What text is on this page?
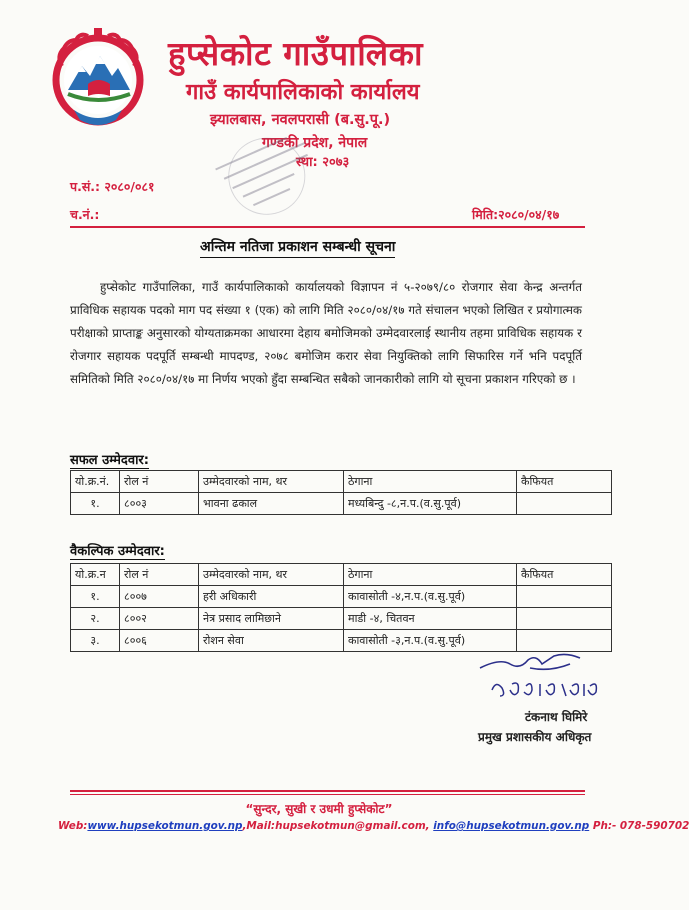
हुप्सेकोट गाउँपालिका
गाउँ कार्यपालिकाको कार्यालय
झ्यालबास, नवलपरासी (ब.सु.पू.)
गण्डकी प्रदेश, नेपाल
स्था: २०७३
प.सं.: २०८०/०८१
च.नं.:	मिति:२०८०/०४/१७
अन्तिम नतिजा प्रकाशन सम्बन्धी सूचना
हुप्सेकोट गाउँपालिका, गाउँ कार्यपालिकाको कार्यालयको विज्ञापन नं ५-२०७९/८० रोजगार सेवा केन्द्र अन्तर्गत प्राविधिक सहायक पदको माग पद संख्या १ (एक) को लागि मिति २०८०/०४/१७ गते संचालन भएको लिखित र प्रयोगात्मक परीक्षाको प्राप्ताङ्क अनुसारको योग्यताक्रमका आधारमा देहाय बमोजिमको उम्मेदवारलाई स्थानीय तहमा प्राविधिक सहायक र रोजगार सहायक पदपूर्ति सम्बन्धी मापदण्ड, २०७८ बमोजिम करार सेवा नियुक्तिको लागि सिफारिस गर्ने भनि पदपूर्ति समितिको मिति २०८०/०४/१७ मा निर्णय भएको हुँदा सम्बन्धित सबैको जानकारीको लागि यो सूचना प्रकाशन गरिएको छ ।
सफल उम्मेदवार:
यो.क्र.नं.	रोल नं	उम्मेदवारको नाम, थर	ठेगाना	कैफियत
१.	८००३	भावना ढकाल	मध्यबिन्दु -८,न.प.(व.सु.पूर्व)	
वैकल्पिक उम्मेदवार:
यो.क्र.न	रोल नं	उम्मेदवारको नाम, थर	ठेगाना	कैफियत
१.	८००७	हरी अधिकारी	कावासोती -४,न.प.(व.सु.पूर्व)	
२.	८००२	नेत्र प्रसाद लामिछाने	माडी -४, चितवन	
३.	८००६	रोशन सेवा	कावासोती -३,न.प.(व.सु.पूर्व)	
टंकनाथ घिमिरे
प्रमुख प्रशासकीय अधिकृत
“सुन्दर, सुखी र उधमी हुप्सेकोट”
Web:www.hupsekotmun.gov.np,Mail:hupsekotmun@gmail.com, info@hupsekotmun.gov.np Ph:- 078-590702
